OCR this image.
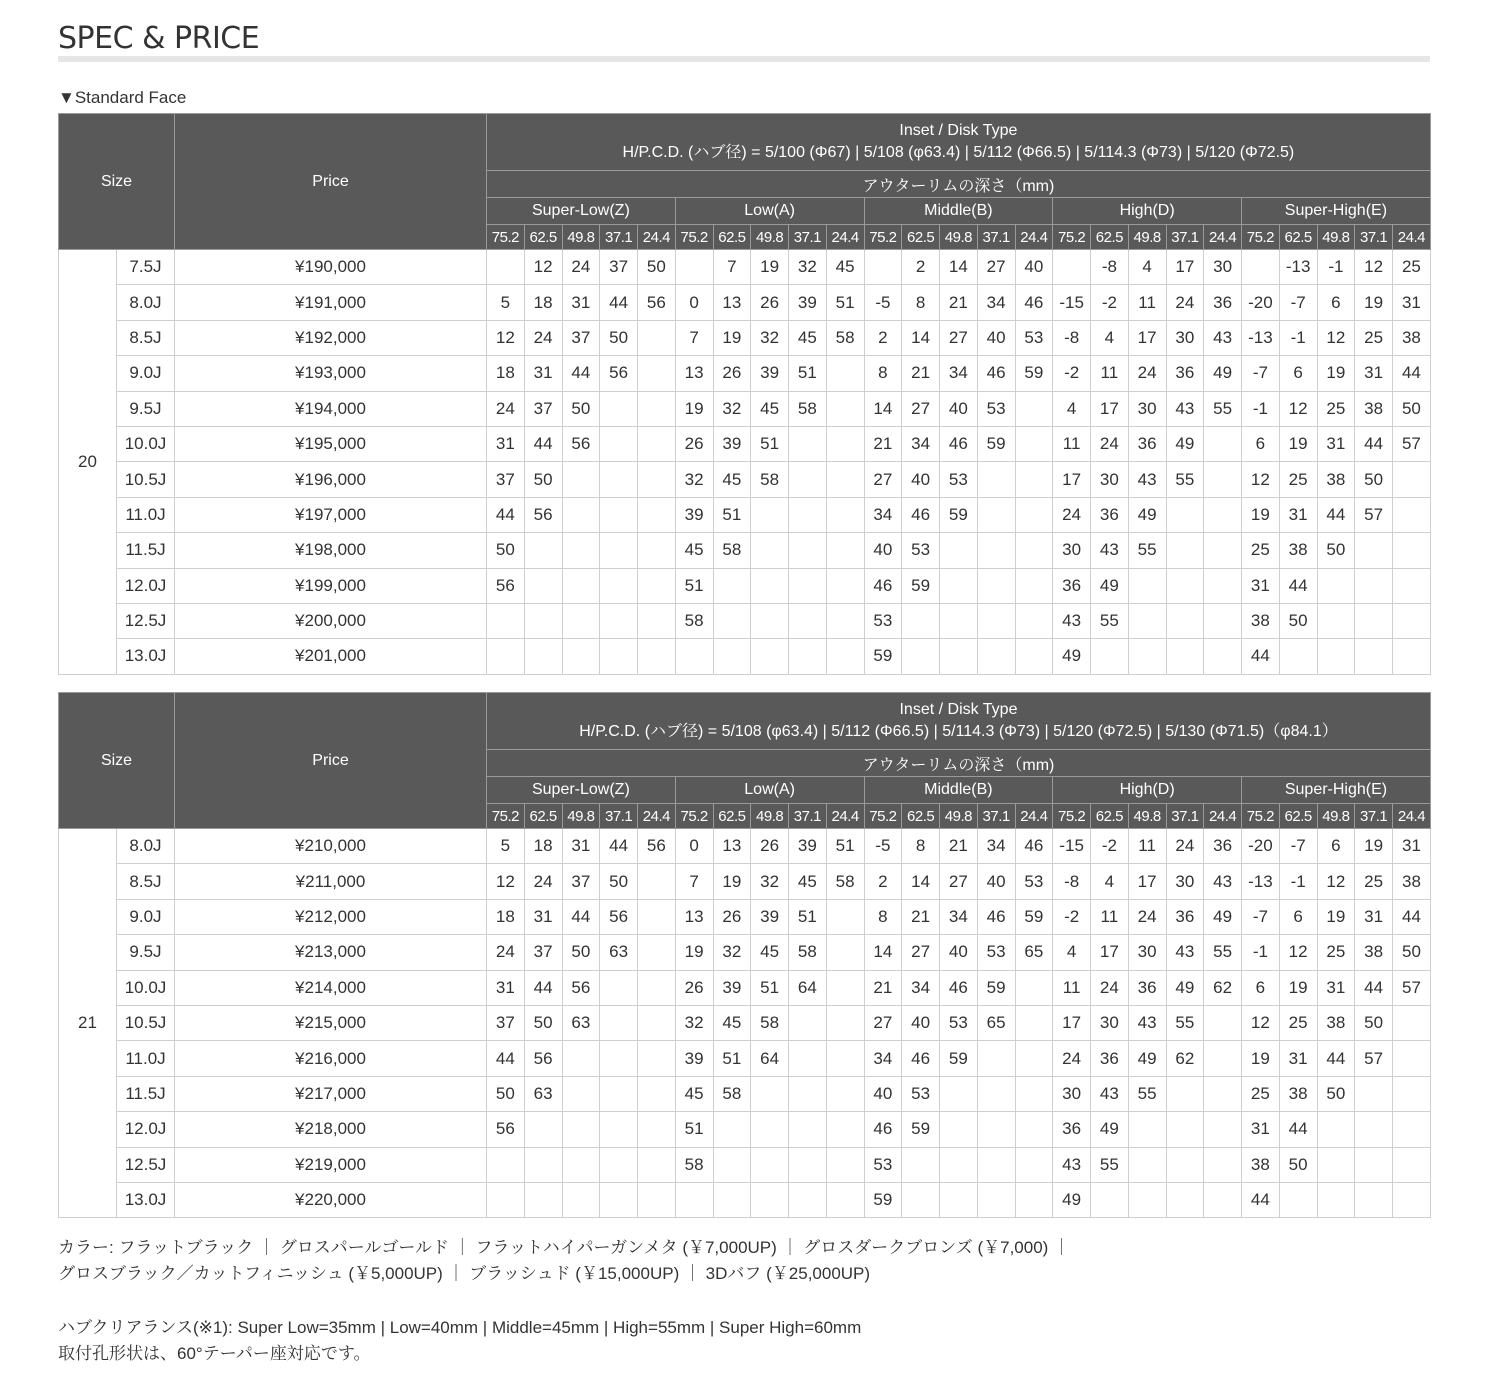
SPEC & PRICE
▼Standard Face
Size		Price	Inset / Disk Type
H/P.C.D. (ハブ径) = 5/100 (Φ67) | 5/108 (φ63.4) | 5/112 (Φ66.5) | 5/114.3 (Φ73) | 5/120 (Φ72.5)																								

			アウターリムの深さ（mm)																								
			Super-Low(Z)					Low(A)					Middle(B)					High(D)					Super-High(E)				
			75.2	62.5	49.8	37.1	24.4	75.2	62.5	49.8	37.1	24.4	75.2	62.5	49.8	37.1	24.4	75.2	62.5	49.8	37.1	24.4	75.2	62.5	49.8	37.1	24.4
20	7.5J	¥190,000		12	24	37	50		7	19	32	45		2	14	27	40		-8	4	17	30		-13	-1	12	25
	8.0J	¥191,000	5	18	31	44	56	0	13	26	39	51	-5	8	21	34	46	-15	-2	11	24	36	-20	-7	6	19	31
	8.5J	¥192,000	12	24	37	50		7	19	32	45	58	2	14	27	40	53	-8	4	17	30	43	-13	-1	12	25	38
	9.0J	¥193,000	18	31	44	56		13	26	39	51		8	21	34	46	59	-2	11	24	36	49	-7	6	19	31	44
	9.5J	¥194,000	24	37	50			19	32	45	58		14	27	40	53		4	17	30	43	55	-1	12	25	38	50
	10.0J	¥195,000	31	44	56			26	39	51			21	34	46	59		11	24	36	49		6	19	31	44	57
	10.5J	¥196,000	37	50				32	45	58			27	40	53			17	30	43	55		12	25	38	50	
	11.0J	¥197,000	44	56				39	51				34	46	59			24	36	49			19	31	44	57	
	11.5J	¥198,000	50					45	58				40	53				30	43	55			25	38	50		
	12.0J	¥199,000	56					51					46	59				36	49				31	44			
	12.5J	¥200,000						58					53					43	55				38	50			
	13.0J	¥201,000											59					49					44				
Size		Price	Inset / Disk Type
H/P.C.D. (ハブ径) = 5/108 (φ63.4) | 5/112 (Φ66.5) | 5/114.3 (Φ73) | 5/120 (Φ72.5) | 5/130 (Φ71.5)（φ84.1）																								

			アウターリムの深さ（mm)																								
			Super-Low(Z)					Low(A)					Middle(B)					High(D)					Super-High(E)				
			75.2	62.5	49.8	37.1	24.4	75.2	62.5	49.8	37.1	24.4	75.2	62.5	49.8	37.1	24.4	75.2	62.5	49.8	37.1	24.4	75.2	62.5	49.8	37.1	24.4
21	8.0J	¥210,000	5	18	31	44	56	0	13	26	39	51	-5	8	21	34	46	-15	-2	11	24	36	-20	-7	6	19	31
	8.5J	¥211,000	12	24	37	50		7	19	32	45	58	2	14	27	40	53	-8	4	17	30	43	-13	-1	12	25	38
	9.0J	¥212,000	18	31	44	56		13	26	39	51		8	21	34	46	59	-2	11	24	36	49	-7	6	19	31	44
	9.5J	¥213,000	24	37	50	63		19	32	45	58		14	27	40	53	65	4	17	30	43	55	-1	12	25	38	50
	10.0J	¥214,000	31	44	56			26	39	51	64		21	34	46	59		11	24	36	49	62	6	19	31	44	57
	10.5J	¥215,000	37	50	63			32	45	58			27	40	53	65		17	30	43	55		12	25	38	50	
	11.0J	¥216,000	44	56				39	51	64			34	46	59			24	36	49	62		19	31	44	57	
	11.5J	¥217,000	50	63				45	58				40	53				30	43	55			25	38	50		
	12.0J	¥218,000	56					51					46	59				36	49				31	44			
	12.5J	¥219,000						58					53					43	55				38	50			
	13.0J	¥220,000											59					49					44				
カラー: フラットブラック ｜ グロスパールゴールド ｜ フラットハイパーガンメタ (￥7,000UP) ｜ グロスダークブロンズ (￥7,000) ｜
グロスブラック／カットフィニッシュ (￥5,000UP) ｜ ブラッシュド (￥15,000UP) ｜ 3Dバフ (￥25,000UP)
ハブクリアランス(※1): Super Low=35mm | Low=40mm | Middle=45mm | High=55mm | Super High=60mm
取付孔形状は、60°テーパー座対応です。
